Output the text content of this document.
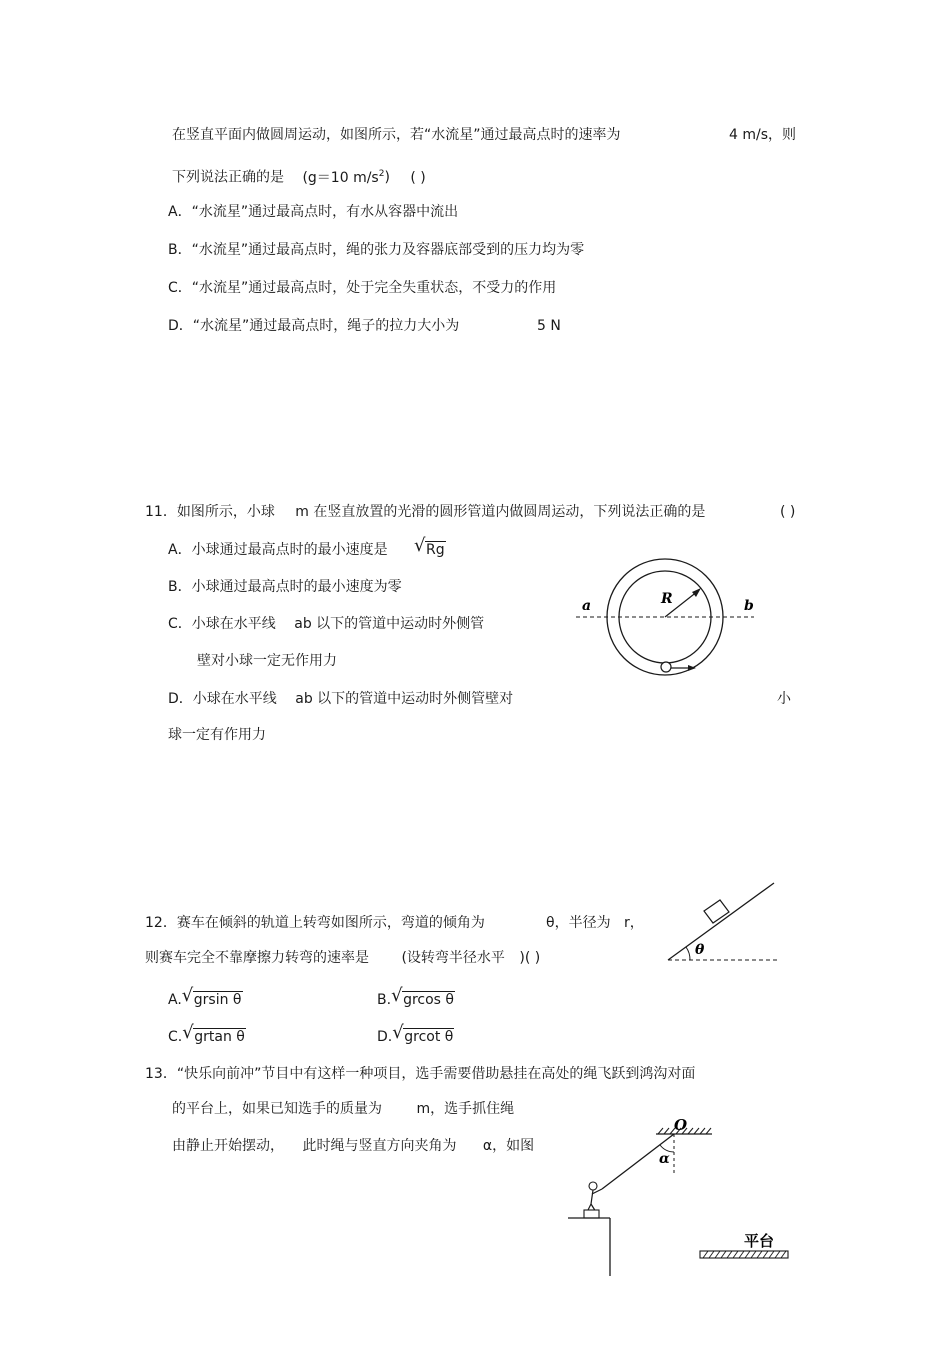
在竖直平面内做圆周运动，如图所示，若“水流星”通过最高点时的速率为	4 m/s，则
下列说法正确的是 (g＝10 $m/s^2$) ( )
A．“水流星”通过最高点时，有水从容器中流出
B．“水流星”通过最高点时，绳的张力及容器底部受到的压力均为零
C．“水流星”通过最高点时，处于完全失重状态，不受力的作用
D．“水流星”通过最高点时，绳子的拉力大小为	5 N
11．如图所示，小球 m 在竖直放置的光滑的圆形管道内做圆周运动，下列说法正确的是	( )
A．小球通过最高点时的最小速度是 √ Rg
B．小球通过最高点时的最小速度为零
C．小球在水平线 ab 以下的管道中运动时外侧管
壁对小球一定无作用力
D．小球在水平线 ab 以下的管道中运动时外侧管壁对	小
球一定有作用力
a	b
R
12．赛车在倾斜的轨道上转弯如图所示，弯道的倾角为	θ，半径为 r，
则赛车完全不靠摩擦力转弯的速率是 (设转弯半径水平 )( )
A. √ grsin θ	B. √ grcos θ
C. √ grtan θ	D. √ grcot θ
θ
13．“快乐向前冲”节目中有这样一种项目，选手需要借助悬挂在高处的绳飞跃到鸿沟对面
的平台上，如果已知选手的质量为 m，选手抓住绳
由静止开始摆动， 此时绳与竖直方向夹角为 α，如图
O
α
平台
